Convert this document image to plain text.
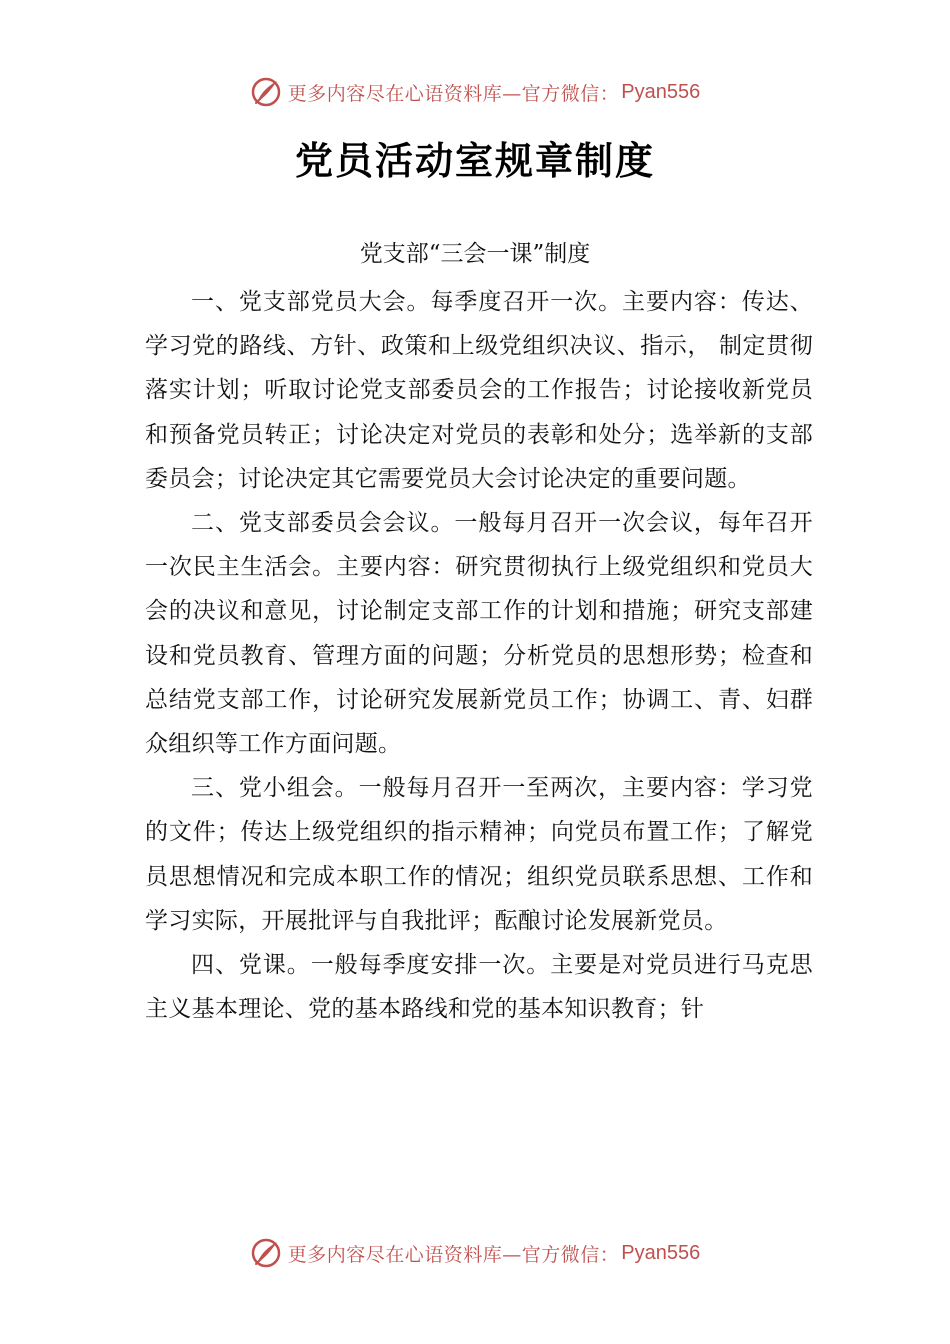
更多内容尽在心语资料库—官方微信： Pyan556
党员活动室规章制度
党支部“三会一课”制度

一、党支部党员大会。每季度召开一次。主要内容：传达、学习党的路线、方针、政策和上级党组织决议、指示， 制定贯彻落实计划；听取讨论党支部委员会的工作报告；讨论接收新党员和预备党员转正；讨论决定对党员的表彰和处分；选举新的支部委员会；讨论决定其它需要党员大会讨论决定的重要问题。

二、党支部委员会会议。一般每月召开一次会议，每年召开一次民主生活会。主要内容：研究贯彻执行上级党组织和党员大会的决议和意见，讨论制定支部工作的计划和措施；研究支部建设和党员教育、管理方面的问题；分析党员的思想形势；检查和总结党支部工作，讨论研究发展新党员工作；协调工、青、妇群众组织等工作方面问题。

三、党小组会。一般每月召开一至两次，主要内容：学习党的文件；传达上级党组织的指示精神；向党员布置工作；了解党员思想情况和完成本职工作的情况；组织党员联系思想、工作和学习实际，开展批评与自我批评；酝酿讨论发展新党员。

四、党课。一般每季度安排一次。主要是对党员进行马克思主义基本理论、党的基本路线和党的基本知识教育；针

更多内容尽在心语资料库—官方微信： Pyan556
